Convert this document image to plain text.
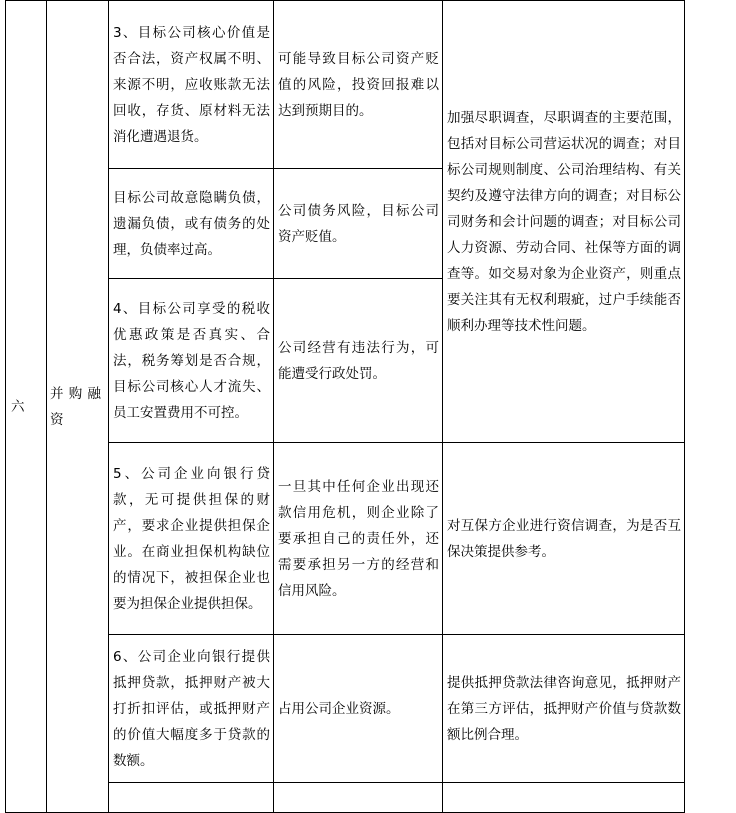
六	并购融资	3、目标公司核心价值是否合法，资产权属不明、来源不明，应收账款无法回收，存货、原材料无法消化遭遇退货。	可能导致目标公司资产贬值的风险，投资回报难以达到预期目的。	加强尽职调查，尽职调查的主要范围，包括对目标公司营运状况的调查；对目标公司规则制度、公司治理结构、有关契约及遵守法律方向的调查；对目标公司财务和会计问题的调查；对目标公司人力资源、劳动合同、社保等方面的调查等。如交易对象为企业资产，则重点要关注其有无权利瑕疵，过户手续能否顺利办理等技术性问题。
		目标公司故意隐瞒负债，遗漏负债，或有债务的处理，负债率过高。	公司债务风险，目标公司资产贬值。	
		4、目标公司享受的税收优惠政策是否真实、合法，税务筹划是否合规，目标公司核心人才流失、员工安置费用不可控。	公司经营有违法行为，可能遭受行政处罚。	
		5、公司企业向银行贷款，无可提供担保的财产，要求企业提供担保企业。在商业担保机构缺位的情况下，被担保企业也要为担保企业提供担保。	一旦其中任何企业出现还款信用危机，则企业除了要承担自己的责任外，还需要承担另一方的经营和信用风险。	对互保方企业进行资信调查，为是否互保决策提供参考。
		6、公司企业向银行提供抵押贷款，抵押财产被大打折扣评估，或抵押财产的价值大幅度多于贷款的数额。	占用公司企业资源。	提供抵押贷款法律咨询意见，抵押财产在第三方评估，抵押财产价值与贷款数额比例合理。
